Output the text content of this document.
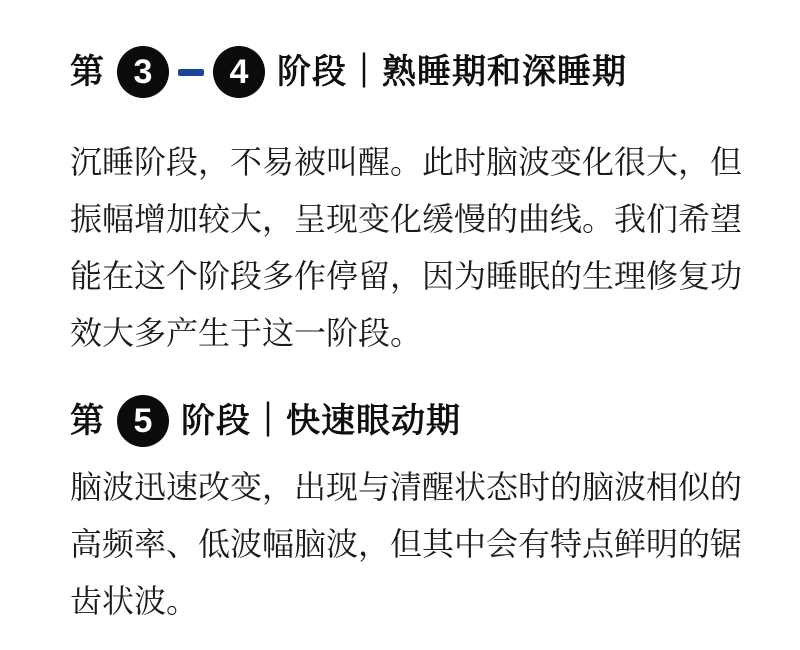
第 3	4 阶段｜熟睡期和深睡期

沉睡阶段，不易被叫醒。此时脑波变化很大，但振幅增加较大，呈现变化缓慢的曲线。我们希望能在这个阶段多作停留，因为睡眠的生理修复功效大多产生于这一阶段。

第 5 阶段｜快速眼动期

脑波迅速改变，出现与清醒状态时的脑波相似的高频率、低波幅脑波，但其中会有特点鲜明的锯齿状波。
